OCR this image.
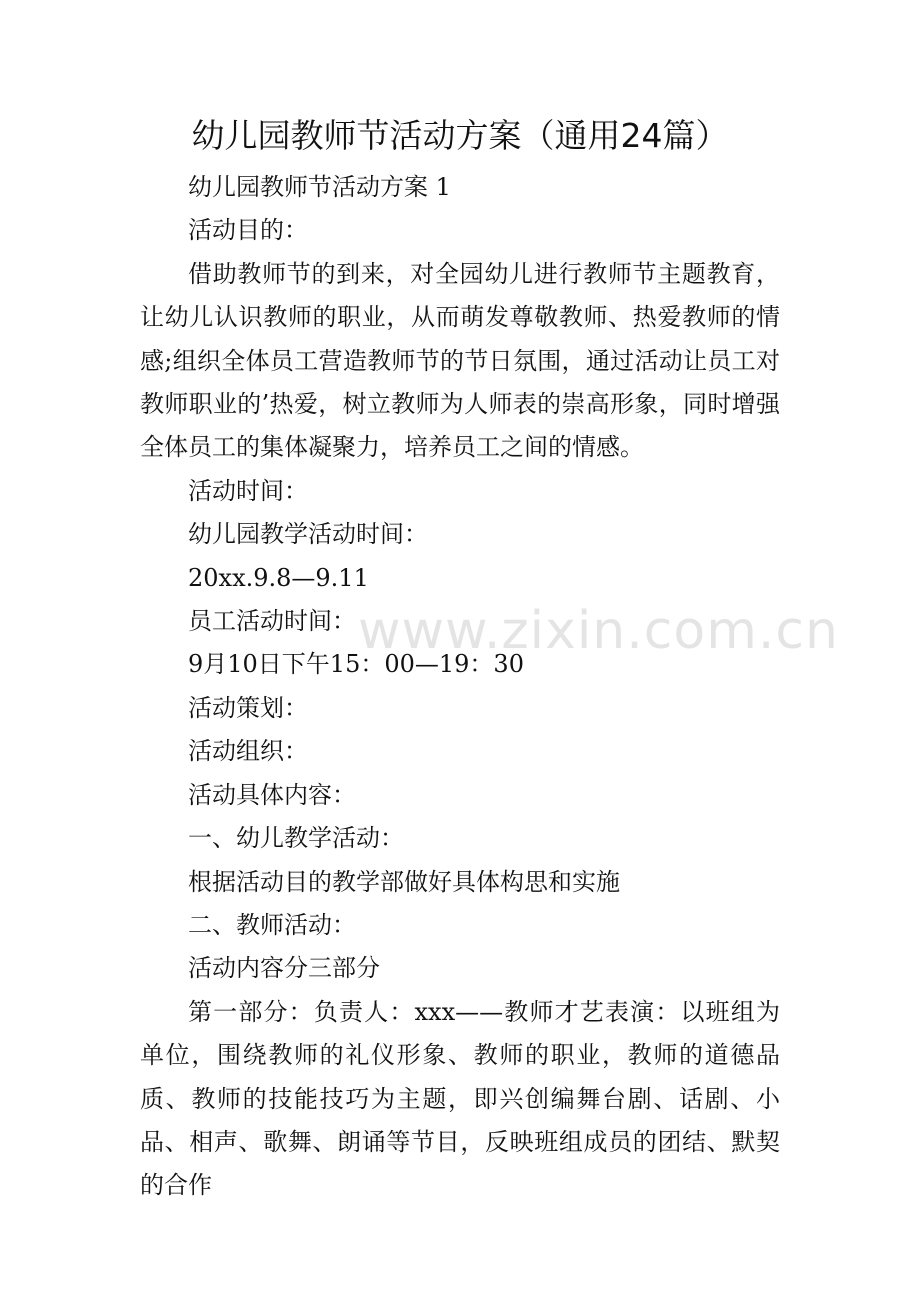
幼儿园教师节活动方案（通用24篇）

幼儿园教师节活动方案 1

活动目的：

借助教师节的到来，对全园幼儿进行教师节主题教育，让幼儿认识教师的职业，从而萌发尊敬教师、热爱教师的情感;组织全体员工营造教师节的节日氛围，通过活动让员工对教师职业的’热爱，树立教师为人师表的崇高形象，同时增强全体员工的集体凝聚力，培养员工之间的情感。

活动时间：

幼儿园教学活动时间：

20xx.9.8—9.11

员工活动时间：

9月10日下午15：00—19：30

活动策划：

活动组织：

活动具体内容：

一、幼儿教学活动：

根据活动目的教学部做好具体构思和实施

二、教师活动：

活动内容分三部分

第一部分：负责人：xxx——教师才艺表演：以班组为单位，围绕教师的礼仪形象、教师的职业，教师的道德品质、教师的技能技巧为主题，即兴创编舞台剧、话剧、小品、相声、歌舞、朗诵等节目，反映班组成员的团结、默契的合作

www.zixin.com.cn
